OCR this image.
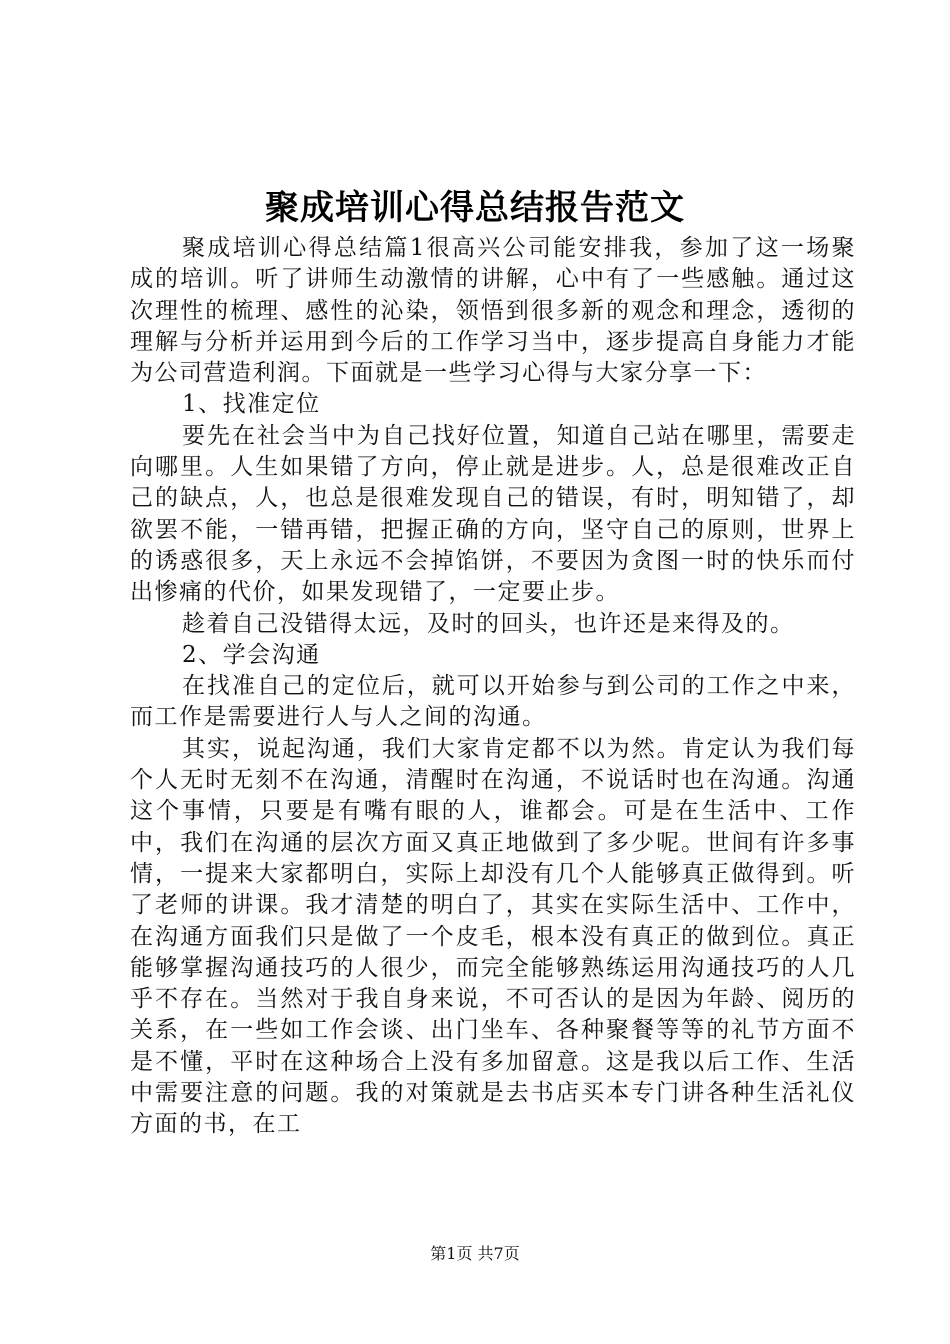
聚成培训心得总结报告范文

聚成培训心得总结篇1很高兴公司能安排我，参加了这一场聚成的培训。听了讲师生动激情的讲解，心中有了一些感触。通过这次理性的梳理、感性的沁染，领悟到很多新的观念和理念，透彻的理解与分析并运用到今后的工作学习当中，逐步提高自身能力才能为公司营造利润。下面就是一些学习心得与大家分享一下：

1、找准定位

要先在社会当中为自己找好位置，知道自己站在哪里，需要走向哪里。人生如果错了方向，停止就是进步。人，总是很难改正自己的缺点，人，也总是很难发现自己的错误，有时，明知错了，却欲罢不能，一错再错，把握正确的方向，坚守自己的原则，世界上的诱惑很多，天上永远不会掉馅饼，不要因为贪图一时的快乐而付出惨痛的代价，如果发现错了，一定要止步。

趁着自己没错得太远，及时的回头，也许还是来得及的。

2、学会沟通

在找准自己的定位后，就可以开始参与到公司的工作之中来，而工作是需要进行人与人之间的沟通。

其实，说起沟通，我们大家肯定都不以为然。肯定认为我们每个人无时无刻不在沟通，清醒时在沟通，不说话时也在沟通。沟通这个事情，只要是有嘴有眼的人，谁都会。可是在生活中、工作中，我们在沟通的层次方面又真正地做到了多少呢。世间有许多事情，一提来大家都明白，实际上却没有几个人能够真正做得到。听了老师的讲课。我才清楚的明白了，其实在实际生活中、工作中，在沟通方面我们只是做了一个皮毛，根本没有真正的做到位。真正能够掌握沟通技巧的人很少，而完全能够熟练运用沟通技巧的人几乎不存在。当然对于我自身来说，不可否认的是因为年龄、阅历的关系，在一些如工作会谈、出门坐车、各种聚餐等等的礼节方面不是不懂，平时在这种场合上没有多加留意。这是我以后工作、生活中需要注意的问题。我的对策就是去书店买本专门讲各种生活礼仪方面的书，在工

第1页 共7页
